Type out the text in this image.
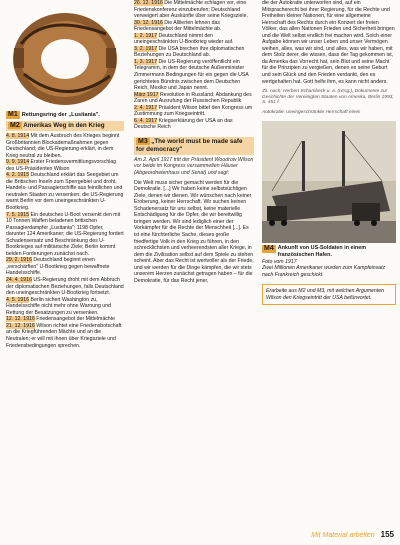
M1 Rettungsring der „Lusitania".
M2 Amerikas Weg in den Krieg

4. 8. 1914 Mit dem Ausbruch des Krieges beginnt Großbritannien Blockademaßnahmen gegen Deutschland; die US-Regierung erklärt, in dem Krieg neutral zu bleiben.

9. 9. 1914 Erster Friedensvermittlungsvorschlag des US-Präsidenten Wilson

4. 2. 1915 Deutschland erklärt das Seegebiet um die Britischen Inseln zum Sperrgebiet und droht, Handels- und Passagierschiffe aus feindlichen und neutralen Staaten zu versenken; die US-Regierung warnt Berlin vor dem uneingeschränkten U-Bootkrieg.

7. 5. 1915 Ein deutsches U-Boot versenkt den mit 10 Tonnen Waffen beladenen britischen Passagierdampfer „Lusitania"; 1198 Opfer, darunter 124 Amerikaner; die US-Regierung fordert Schadensersatz und Beschränkung des U-Bootkrieges auf militärische Ziele; Berlin kommt beiden Forderungen zunächst nach.

29. 2. 1916 Deutschland beginnt einen „verschärften" U-Bootkrieg gegen bewaffnete Handelsschiffe.

24. 4. 1916 US-Regierung droht mit dem Abbruch der diplomatischen Beziehungen, falls Deutschland den uneingeschränkten U-Bootkrieg fortsetzt.

4. 5. 1916 Berlin sichert Washington zu, Handelsschiffe nicht mehr ohne Warnung und Rettung der Besatzungen zu versenken.

12. 12. 1916 Friedensangebot der Mittelmächte

21. 12. 1916 Wilson richtet eine Friedensbotschaft an die Kriegführenden Mächte und an die Neutralen; er will mit ihnen über Kriegsziele und Friedensbedingungen sprechen.

26. 12. 1916 Die Mittelmächte schlagen vor, eine Friedenskonferenz einzuberufen; Deutschland verweigert aber Auskünfte über seine Kriegsziele.

30. 12. 1916 Die Alliierten lehnen das Friedensangebot der Mittelmächte ab.

1. 2. 1917 Deutschland nimmt den uneingeschränkten U-Bootkrieg wieder auf.

3. 2. 1917 Die USA brechen ihre diplomatischen Beziehungen zu Deutschland ab.

1. 3. 1917 Die US-Regierung veröffentlicht ein Telegramm, in dem der deutsche Außenminister Zimmermann Bedingungen für ein gegen die USA gerichtetes Bündnis zwischen dem Deutschen Reich, Mexiko und Japan nennt.

März 1917 Revolution in Russland: Abdankung des Zaren und Ausrufung der Russischen Republik

2. 4. 1917 Präsident Wilson bittet den Kongress um Zustimmung zum Kriegseintritt.

6. 4. 1917 Kriegserklärung der USA an das Deutsche Reich

M3 „The world must be made safe for democracy"

Am 2. April 1917 tritt der Präsident Woodrow Wilson vor beide im Kongress versammelten Häuser (Abgeordnetenhaus und Senat) und sagt:

Die Welt muss sicher gemacht werden für die Demokratie. [...] Wir haben keine selbstsüchtigen Ziele, denen wir dienen. Wir wünschen nach keiner Eroberung, keiner Herrschaft. Wir suchen keinen Schadenersatz für uns selbst, keine materielle Entschädigung für die Opfer, die wir bereitwillig bringen werden. Wir sind lediglich einer der Vorkämpfer für die Rechte der Menschheit [...]. Es ist eine fürchterliche Sache, dieses große friedfertige Volk in den Krieg zu führen, in den schrecklichsten und verheerendsten aller Kriege, in dem die Zivilisation selbst auf dem Spiele zu stehen scheint. Aber das Recht ist wertvoller als der Friede, und wir werden für die Dinge kämpfen, die wir stets unserem Herzen zunächst getragen haben – für die Demokratie, für das Recht jener,

die der Autokratie unterworfen sind, auf ein Mitspracherecht bei ihrer Regierung, für die Rechte und Freiheiten kleiner Nationen, für eine allgemeine Herrschaft des Rechts durch ein Konzert der freien Völker, das allen Nationen Frieden und Sicherheit bringen und die Welt selbst endlich frei machen wird. Solch einer Aufgabe können wir unser Leben und unser Vermögen weihen, alles, was wir sind, und alles, was wir haben, mit dem Stolz derer, die wissen, dass der Tag gekommen ist, da Amerika das Vorrecht hat, sein Blut und seine Macht für die Prinzipien zu vergießen, denen es seine Geburt und sein Glück und den Frieden verdankt, den es wertgehalten hat. Gott helfe ihm, es kann nicht anders.

Zit. nach: Herbert Schambeck u. a. (Hrsg.), Dokumente zur Geschichte der Vereinigten Staaten von Amerika, Berlin 1993, S. 451 f.

Autokratie: uneingeschränkte Herrschaft eines

M4 Ankunft von US-Soldaten in einem französischen Hafen.

Foto vom 1917

Zwei Millionen Amerikaner wurden zum Kampfeinsatz nach Frankreich geschickt.

Erarbeite aus M2 und M3, mit welchen Argumenten Wilson den Kriegseintritt der USA befürwortet.
Mit Material arbeiten 155
